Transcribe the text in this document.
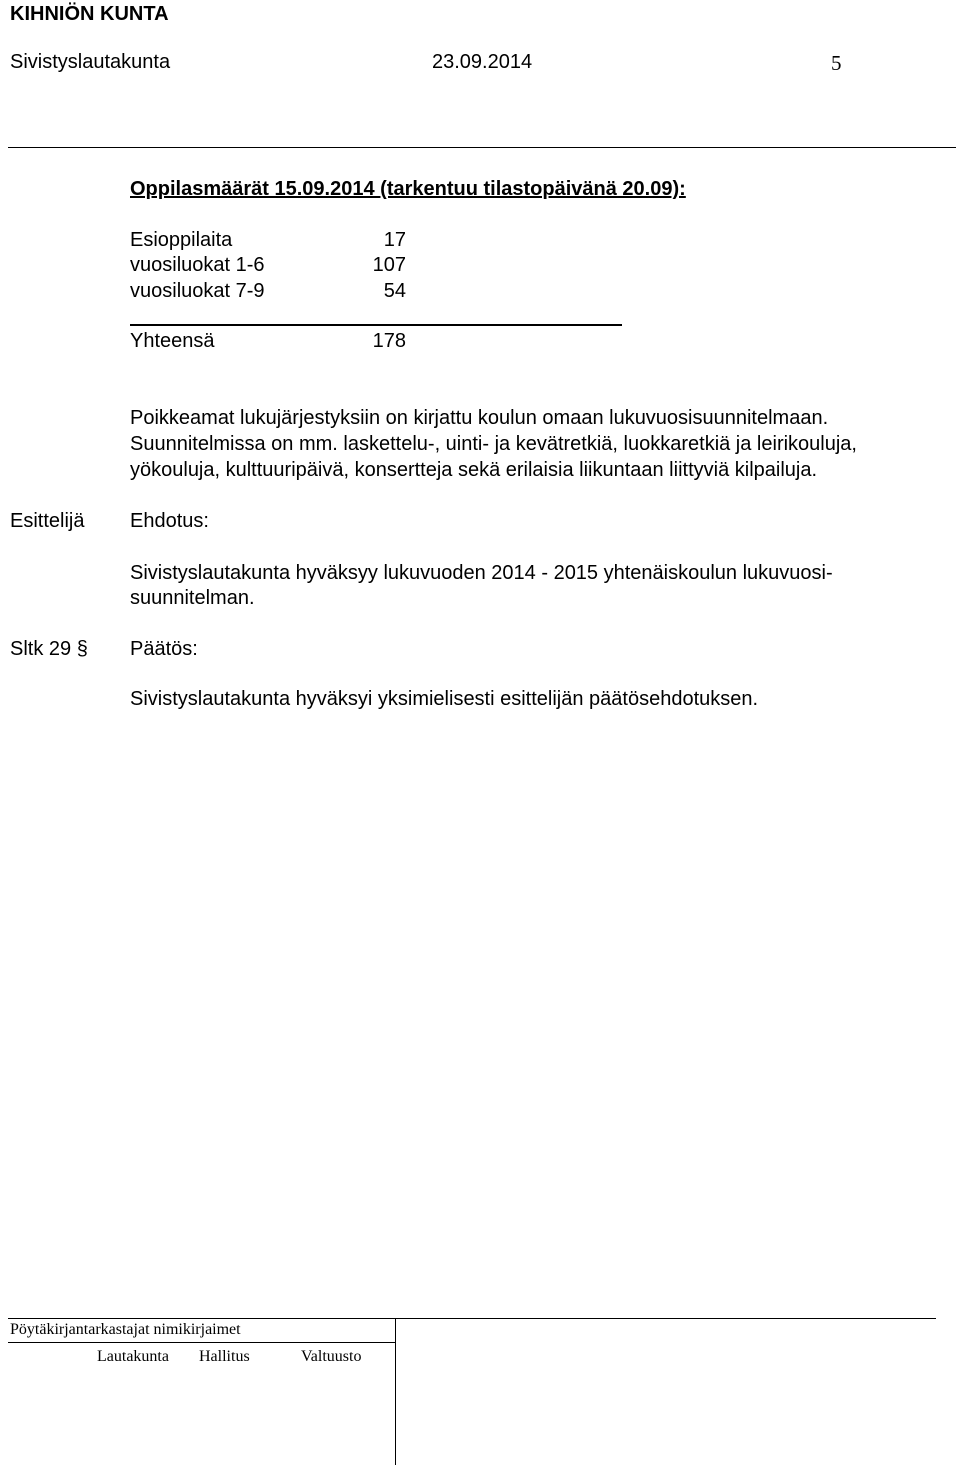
KIHNIÖN KUNTA
Sivistyslautakunta	23.09.2014	5
Oppilasmäärät 15.09.2014 (tarkentuu tilastopäivänä 20.09):
Esioppilaita	17
vuosiluokat 1-6	107
vuosiluokat 7-9	54
Yhteensä	178
Poikkeamat lukujärjestyksiin on kirjattu koulun omaan lukuvuosisuunnitelmaan. Suunnitelmissa on mm. laskettelu-, uinti- ja kevätretkiä, luokkaretkiä ja leirikouluja, yökouluja, kulttuuripäivä, konsertteja sekä erilaisia liikuntaan liittyviä kilpailuja.
Esittelijä Ehdotus:
Sivistyslautakunta hyväksyy lukuvuoden 2014 - 2015 yhtenäiskoulun lukuvuosi-
suunnitelman.
Sltk 29 § Päätös:
Sivistyslautakunta hyväksyi yksimielisesti esittelijän päätösehdotuksen.
Pöytäkirjantarkastajat nimikirjaimet
Lautakunta Hallitus	Valtuusto
